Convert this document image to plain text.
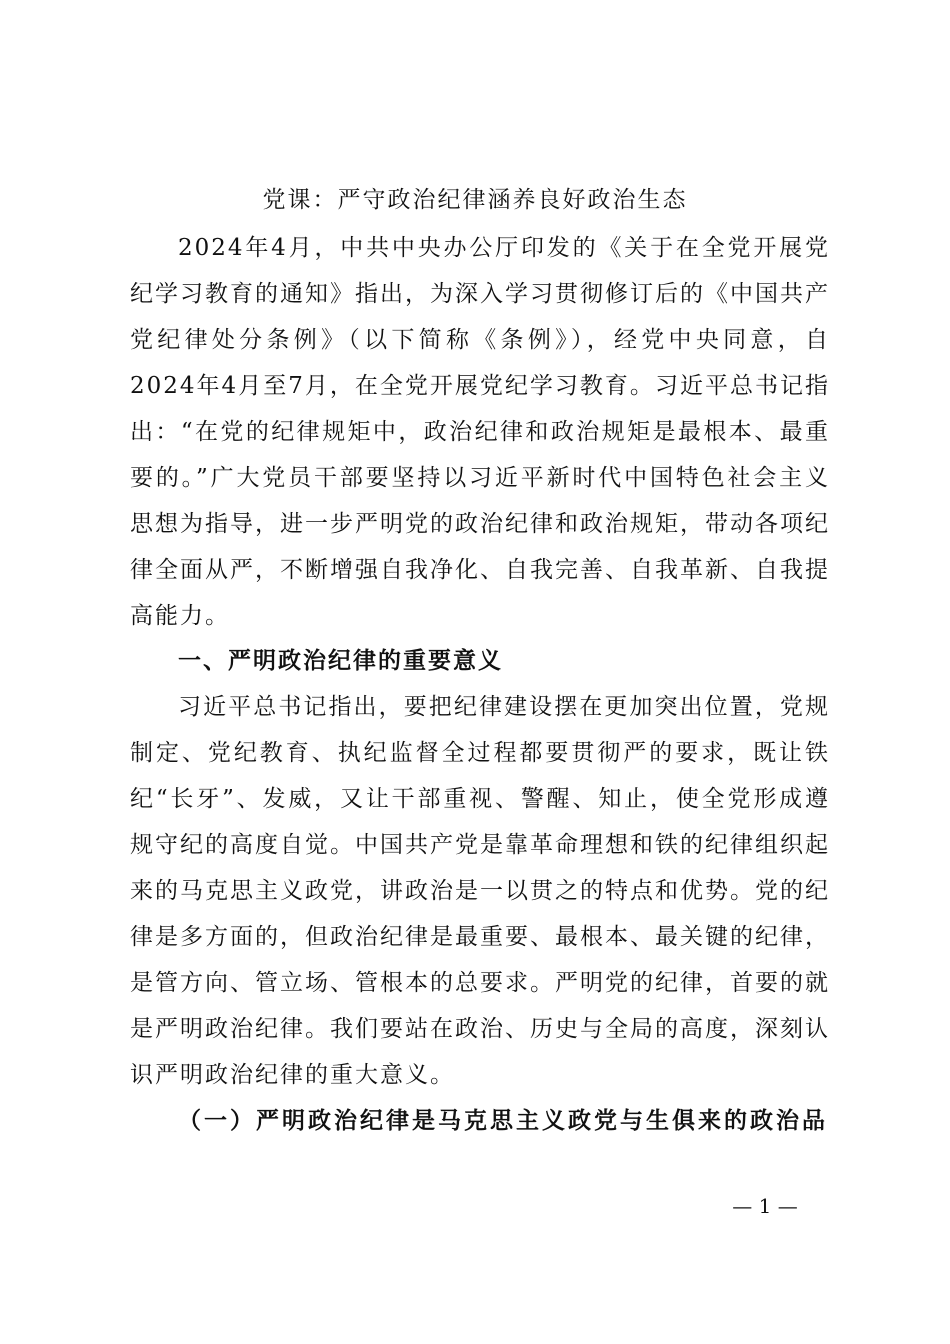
党课：严守政治纪律涵养良好政治生态
2024年4月，中共中央办公厅印发的《关于在全党开展党纪学习教育的通知》指出，为深入学习贯彻修订后的《中国共产党纪律处分条例》（以下简称《条例》），经党中央同意，自2024年4月至7月，在全党开展党纪学习教育。习近平总书记指出：“在党的纪律规矩中，政治纪律和政治规矩是最根本、最重要的。”广大党员干部要坚持以习近平新时代中国特色社会主义思想为指导，进一步严明党的政治纪律和政治规矩，带动各项纪律全面从严，不断增强自我净化、自我完善、自我革新、自我提高能力。
一、严明政治纪律的重要意义
习近平总书记指出，要把纪律建设摆在更加突出位置，党规制定、党纪教育、执纪监督全过程都要贯彻严的要求，既让铁纪“长牙”、发威，又让干部重视、警醒、知止，使全党形成遵规守纪的高度自觉。中国共产党是靠革命理想和铁的纪律组织起来的马克思主义政党，讲政治是一以贯之的特点和优势。党的纪律是多方面的，但政治纪律是最重要、最根本、最关键的纪律，是管方向、管立场、管根本的总要求。严明党的纪律，首要的就是严明政治纪律。我们要站在政治、历史与全局的高度，深刻认识严明政治纪律的重大意义。
（一）严明政治纪律是马克思主义政党与生俱来的政治品
— 1 —
